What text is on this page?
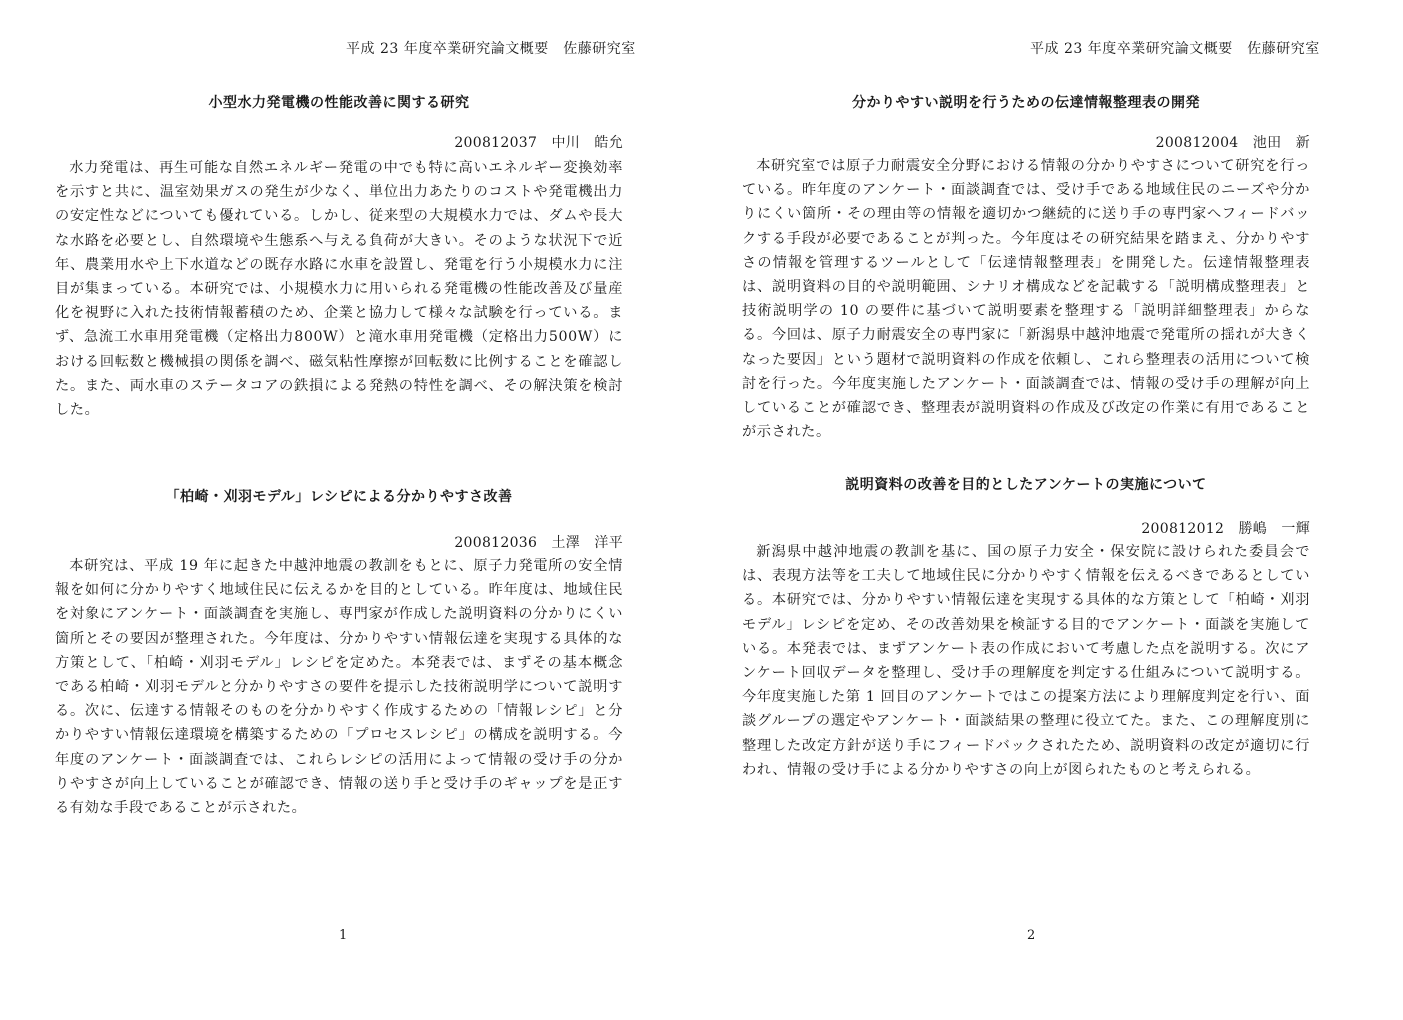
平成 23 年度卒業研究論文概要　佐藤研究室
小型水力発電機の性能改善に関する研究
200812037　中川　皓允

水力発電は、再生可能な自然エネルギー発電の中でも特に高いエネルギー変換効率を示すと共に、温室効果ガスの発生が少なく、単位出力あたりのコストや発電機出力の安定性などについても優れている。しかし、従来型の大規模水力では、ダムや長大な水路を必要とし、自然環境や生態系へ与える負荷が大きい。そのような状況下で近年、農業用水や上下水道などの既存水路に水車を設置し、発電を行う小規模水力に注目が集まっている。本研究では、小規模水力に用いられる発電機の性能改善及び量産化を視野に入れた技術情報蓄積のため、企業と協力して様々な試験を行っている。まず、急流工水車用発電機（定格出力800W）と滝水車用発電機（定格出力500W）における回転数と機械損の関係を調べ、磁気粘性摩擦が回転数に比例することを確認した。また、両水車のステータコアの鉄損による発熱の特性を調べ、その解決策を検討した。

「柏崎・刈羽モデル」レシピによる分かりやすさ改善
200812036　土澤　洋平

本研究は、平成 19 年に起きた中越沖地震の教訓をもとに、原子力発電所の安全情報を如何に分かりやすく地域住民に伝えるかを目的としている。昨年度は、地域住民を対象にアンケート・面談調査を実施し、専門家が作成した説明資料の分かりにくい箇所とその要因が整理された。今年度は、分かりやすい情報伝達を実現する具体的な方策として、「柏崎・刈羽モデル」レシピを定めた。本発表では、まずその基本概念である柏崎・刈羽モデルと分かりやすさの要件を提示した技術説明学について説明する。次に、伝達する情報そのものを分かりやすく作成するための「情報レシピ」と分かりやすい情報伝達環境を構築するための「プロセスレシピ」の構成を説明する。今年度のアンケート・面談調査では、これらレシピの活用によって情報の受け手の分かりやすさが向上していることが確認でき、情報の送り手と受け手のギャップを是正する有効な手段であることが示された。

1
平成 23 年度卒業研究論文概要　佐藤研究室
分かりやすい説明を行うための伝達情報整理表の開発
200812004　池田　新

本研究室では原子力耐震安全分野における情報の分かりやすさについて研究を行っている。昨年度のアンケート・面談調査では、受け手である地域住民のニーズや分かりにくい箇所・その理由等の情報を適切かつ継続的に送り手の専門家へフィードバックする手段が必要であることが判った。今年度はその研究結果を踏まえ、分かりやすさの情報を管理するツールとして「伝達情報整理表」を開発した。伝達情報整理表は、説明資料の目的や説明範囲、シナリオ構成などを記載する「説明構成整理表」と技術説明学の 10 の要件に基づいて説明要素を整理する「説明詳細整理表」からなる。今回は、原子力耐震安全の専門家に「新潟県中越沖地震で発電所の揺れが大きくなった要因」という題材で説明資料の作成を依頼し、これら整理表の活用について検討を行った。今年度実施したアンケート・面談調査では、情報の受け手の理解が向上していることが確認でき、整理表が説明資料の作成及び改定の作業に有用であることが示された。

説明資料の改善を目的としたアンケートの実施について
200812012　勝嶋　一輝

新潟県中越沖地震の教訓を基に、国の原子力安全・保安院に設けられた委員会では、表現方法等を工夫して地域住民に分かりやすく情報を伝えるべきであるとしている。本研究では、分かりやすい情報伝達を実現する具体的な方策として「柏崎・刈羽モデル」レシピを定め、その改善効果を検証する目的でアンケート・面談を実施している。本発表では、まずアンケート表の作成において考慮した点を説明する。次にアンケート回収データを整理し、受け手の理解度を判定する仕組みについて説明する。今年度実施した第 1 回目のアンケートではこの提案方法により理解度判定を行い、面談グループの選定やアンケート・面談結果の整理に役立てた。また、この理解度別に整理した改定方針が送り手にフィードバックされたため、説明資料の改定が適切に行われ、情報の受け手による分かりやすさの向上が図られたものと考えられる。

2
